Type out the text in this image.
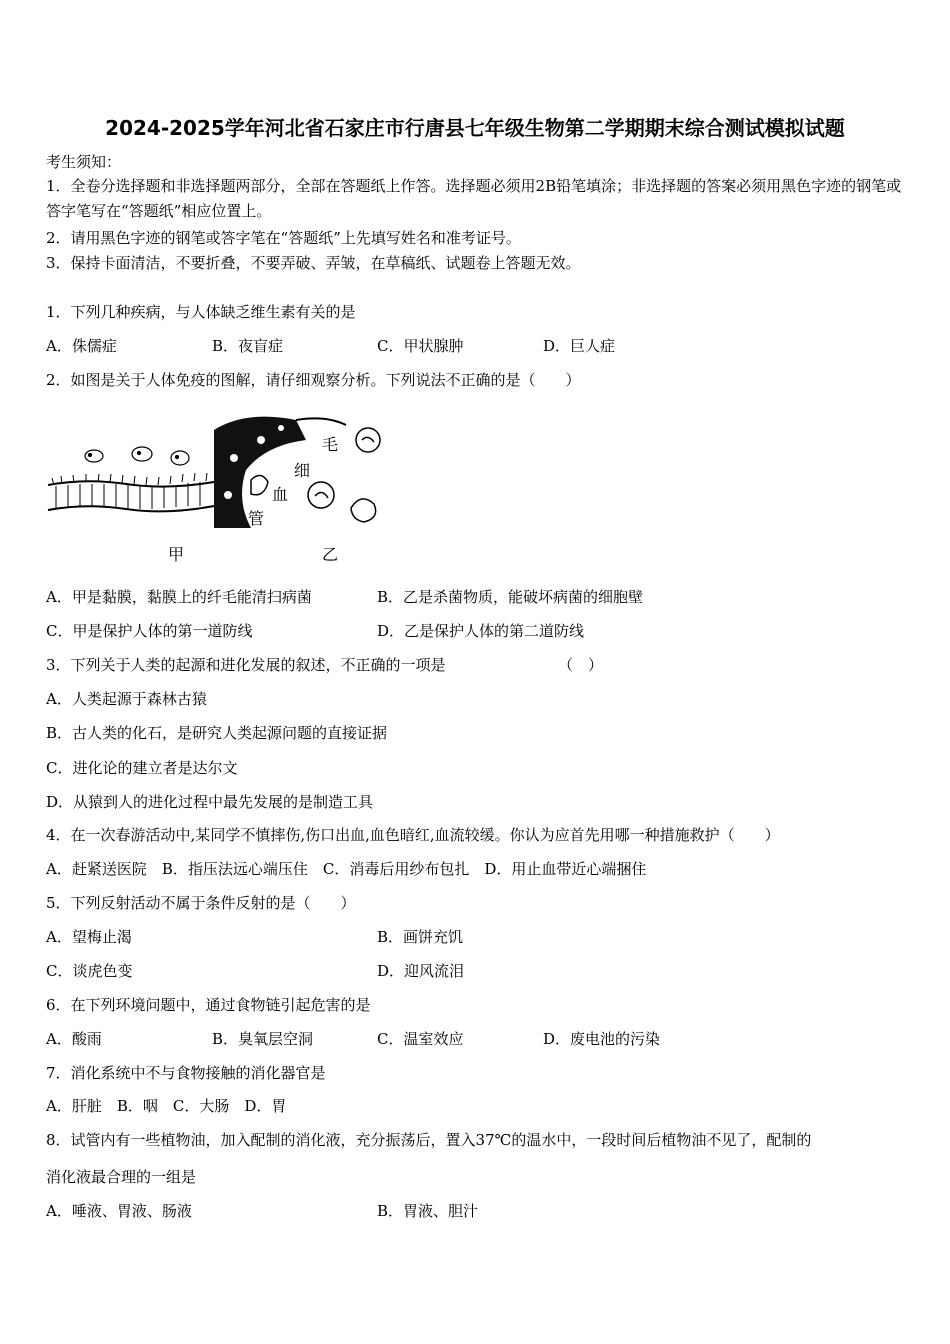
2024-2025学年河北省石家庄市行唐县七年级生物第二学期期末综合测试模拟试题
考生须知：
1．全卷分选择题和非选择题两部分，全部在答题纸上作答。选择题必须用2B铅笔填涂；非选择题的答案必须用黑色字迹的钢笔或答字笔写在“答题纸”相应位置上。
2．请用黑色字迹的钢笔或答字笔在“答题纸”上先填写姓名和准考证号。
3．保持卡面清洁，不要折叠，不要弄破、弄皱，在草稿纸、试题卷上答题无效。
1．下列几种疾病，与人体缺乏维生素有关的是
A．侏儒症	B．夜盲症	C．甲状腺肿	D．巨人症
2．如图是关于人体免疫的图解，请仔细观察分析。下列说法不正确的是（　　）
毛
细
血
管
甲	乙
A．甲是黏膜，黏膜上的纤毛能清扫病菌	B．乙是杀菌物质，能破坏病菌的细胞壁
C．甲是保护人体的第一道防线	D．乙是保护人体的第二道防线
3．下列关于人类的起源和进化发展的叙述，不正确的一项是	（　）
A．人类起源于森林古猿
B．古人类的化石，是研究人类起源问题的直接证据
C．进化论的建立者是达尔文
D．从猿到人的进化过程中最先发展的是制造工具
4．在一次春游活动中,某同学不慎摔伤,伤口出血,血色暗红,血流较缓。你认为应首先用哪一种措施救护（　　）
A．赶紧送医院　B．指压法远心端压住　C．消毒后用纱布包扎　D．用止血带近心端捆住
5．下列反射活动不属于条件反射的是（　　）
A．望梅止渴	B．画饼充饥
C．谈虎色变	D．迎风流泪
6．在下列环境问题中，通过食物链引起危害的是
A．酸雨	B．臭氧层空洞	C．温室效应	D．废电池的污染
7．消化系统中不与食物接触的消化器官是
A．肝脏　B．咽　C．大肠　D．胃
8．试管内有一些植物油，加入配制的消化液，充分振荡后，置入37℃的温水中，一段时间后植物油不见了，配制的
消化液最合理的一组是
A．唾液、胃液、肠液	B．胃液、胆汁
